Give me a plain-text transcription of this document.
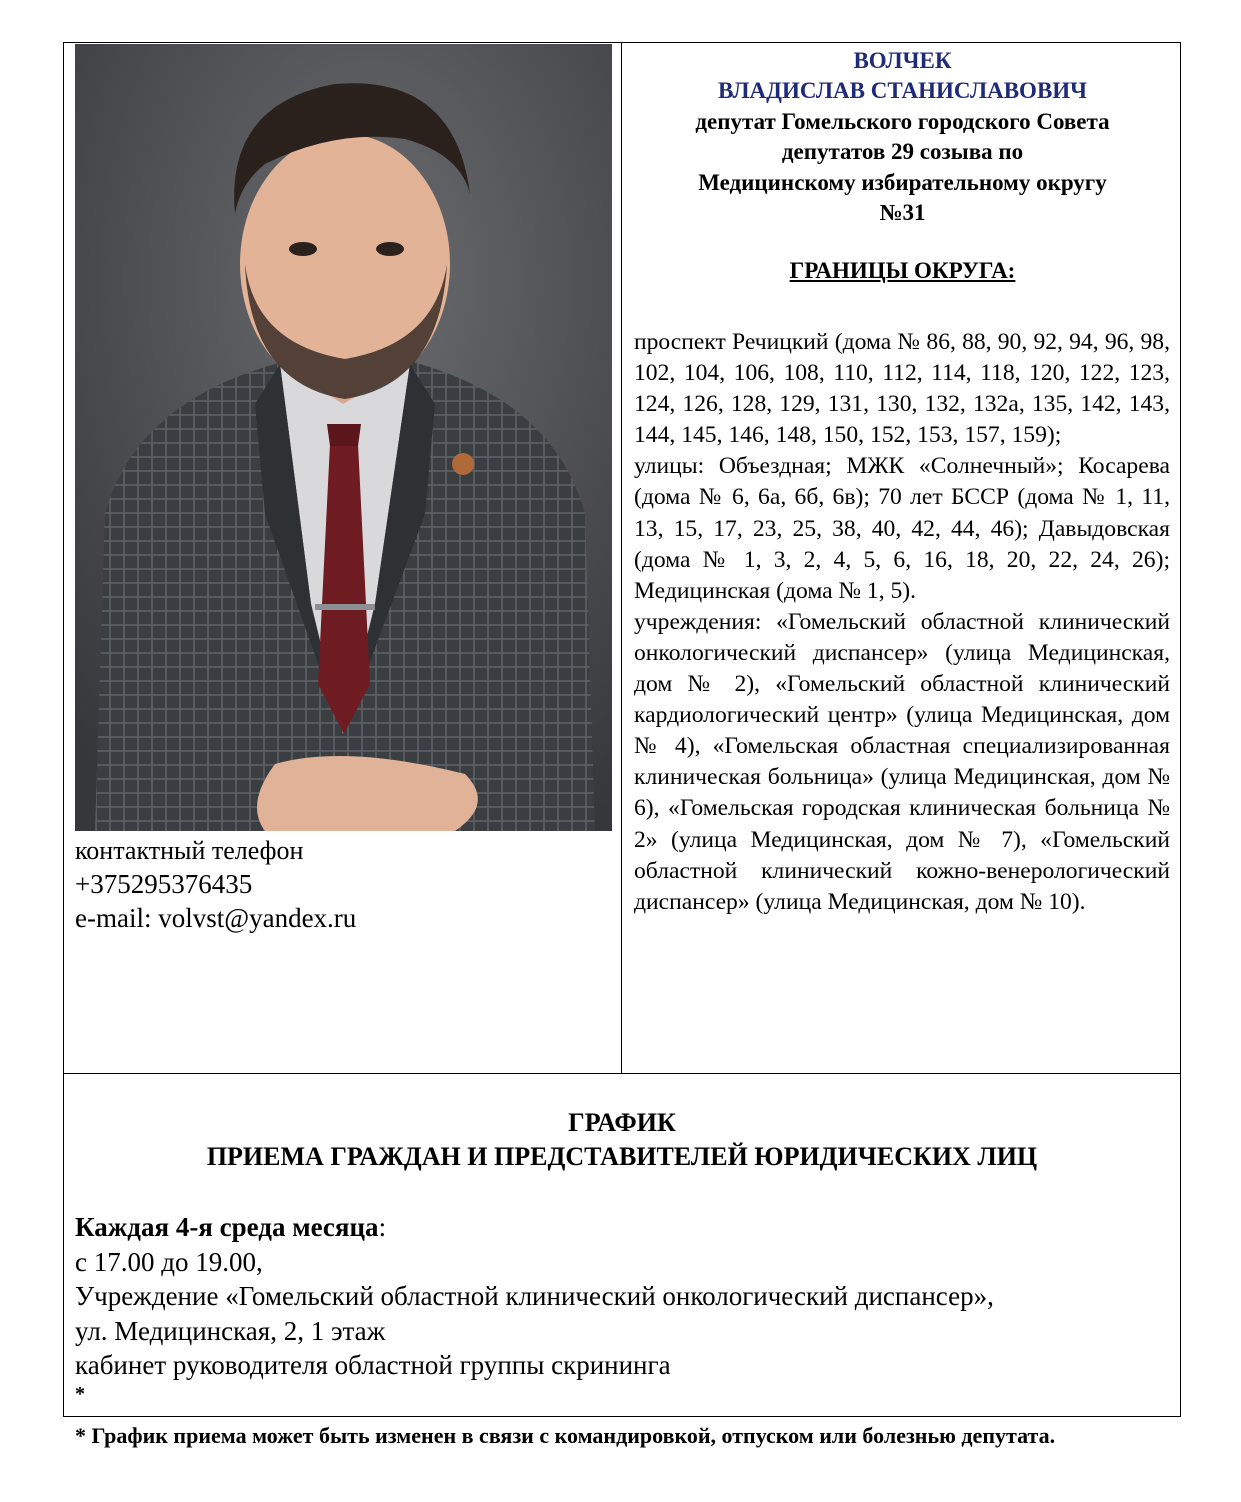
контактный телефон
+375295376435
e-mail: volvst@yandex.ru
ВОЛЧЕК
ВЛАДИСЛАВ СТАНИСЛАВОВИЧ
депутат Гомельского городского Совета
депутатов 29 созыва по
Медицинскому избирательному округу
№31
ГРАНИЦЫ ОКРУГА:

проспект Речицкий (дома № 86, 88, 90, 92, 94, 96, 98, 102, 104, 106, 108, 110, 112, 114, 118, 120, 122, 123, 124, 126, 128, 129, 131, 130, 132, 132а, 135, 142, 143, 144, 145, 146, 148, 150, 152, 153, 157, 159);

улицы: Объездная; МЖК «Солнечный»; Косарева (дома № 6, 6а, 6б, 6в); 70 лет БССР (дома № 1, 11, 13, 15, 17, 23, 25, 38, 40, 42, 44, 46); Давыдовская (дома № 1, 3, 2, 4, 5, 6, 16, 18, 20, 22, 24, 26); Медицинская (дома № 1, 5).

учреждения: «Гомельский областной клинический онкологический диспансер» (улица Медицинская, дом № 2), «Гомельский областной клинический кардиологический центр» (улица Медицинская, дом № 4), «Гомельская областная специализированная клиническая больница» (улица Медицинская, дом № 6), «Гомельская городская клиническая больница № 2» (улица Медицинская, дом № 7), «Гомельский областной клинический кожно-венерологический диспансер» (улица Медицинская, дом № 10).

ГРАФИК
ПРИЕМА ГРАЖДАН И ПРЕДСТАВИТЕЛЕЙ ЮРИДИЧЕСКИХ ЛИЦ
Каждая 4-я среда месяца:
с 17.00 до 19.00,
Учреждение «Гомельский областной клинический онкологический диспансер»,
ул. Медицинская, 2, 1 этаж
кабинет руководителя областной группы скрининга
*
* График приема может быть изменен в связи с командировкой, отпуском или болезнью депутата.
